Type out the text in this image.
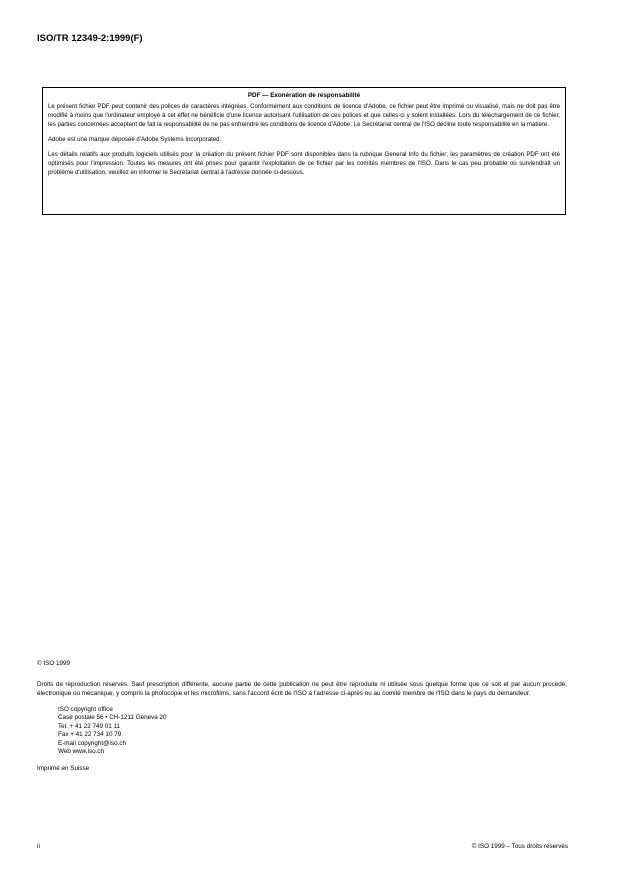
ISO/TR 12349-2:1999(F)
PDF — Exonération de responsabilité

Le présent fichier PDF peut contenir des polices de caractères intégrées. Conformément aux conditions de licence d'Adobe, ce fichier peut être imprimé ou visualisé, mais ne doit pas être modifié à moins que l'ordinateur employé à cet effet ne bénéficie d'une licence autorisant l'utilisation de ces polices et que celles-ci y soient installées. Lors du téléchargement de ce fichier, les parties concernées acceptent de fait la responsabilité de ne pas enfreindre les conditions de licence d'Adobe. Le Secrétariat central de l'ISO décline toute responsabilité en la matière.

Adobe est une marque déposée d'Adobe Systems Incorporated.

Les détails relatifs aux produits logiciels utilisés pour la création du présent fichier PDF sont disponibles dans la rubrique General Info du fichier; les paramètres de création PDF ont été optimisés pour l'impression. Toutes les mesures ont été prises pour garantir l'exploitation de ce fichier par les comités membres de l'ISO. Dans le cas peu probable où surviendrait un problème d'utilisation, veuillez en informer le Secrétariat central à l'adresse donnée ci-dessous.

© ISO 1999

Droits de reproduction réservés. Sauf prescription différente, aucune partie de cette publication ne peut être reproduite ni utilisée sous quelque forme que ce soit et par aucun procédé, électronique ou mécanique, y compris la photocopie et les microfilms, sans l'accord écrit de l'ISO à l'adresse ci-après ou au comité membre de l'ISO dans le pays du demandeur.

ISO copyright office
Case postale 56 • CH-1211 Geneva 20
Tel. + 41 22 749 01 11
Fax + 41 22 734 10 79
E-mail copyright@iso.ch
Web www.iso.ch

Imprimé en Suisse

ii	© ISO 1999 – Tous droits réservés
